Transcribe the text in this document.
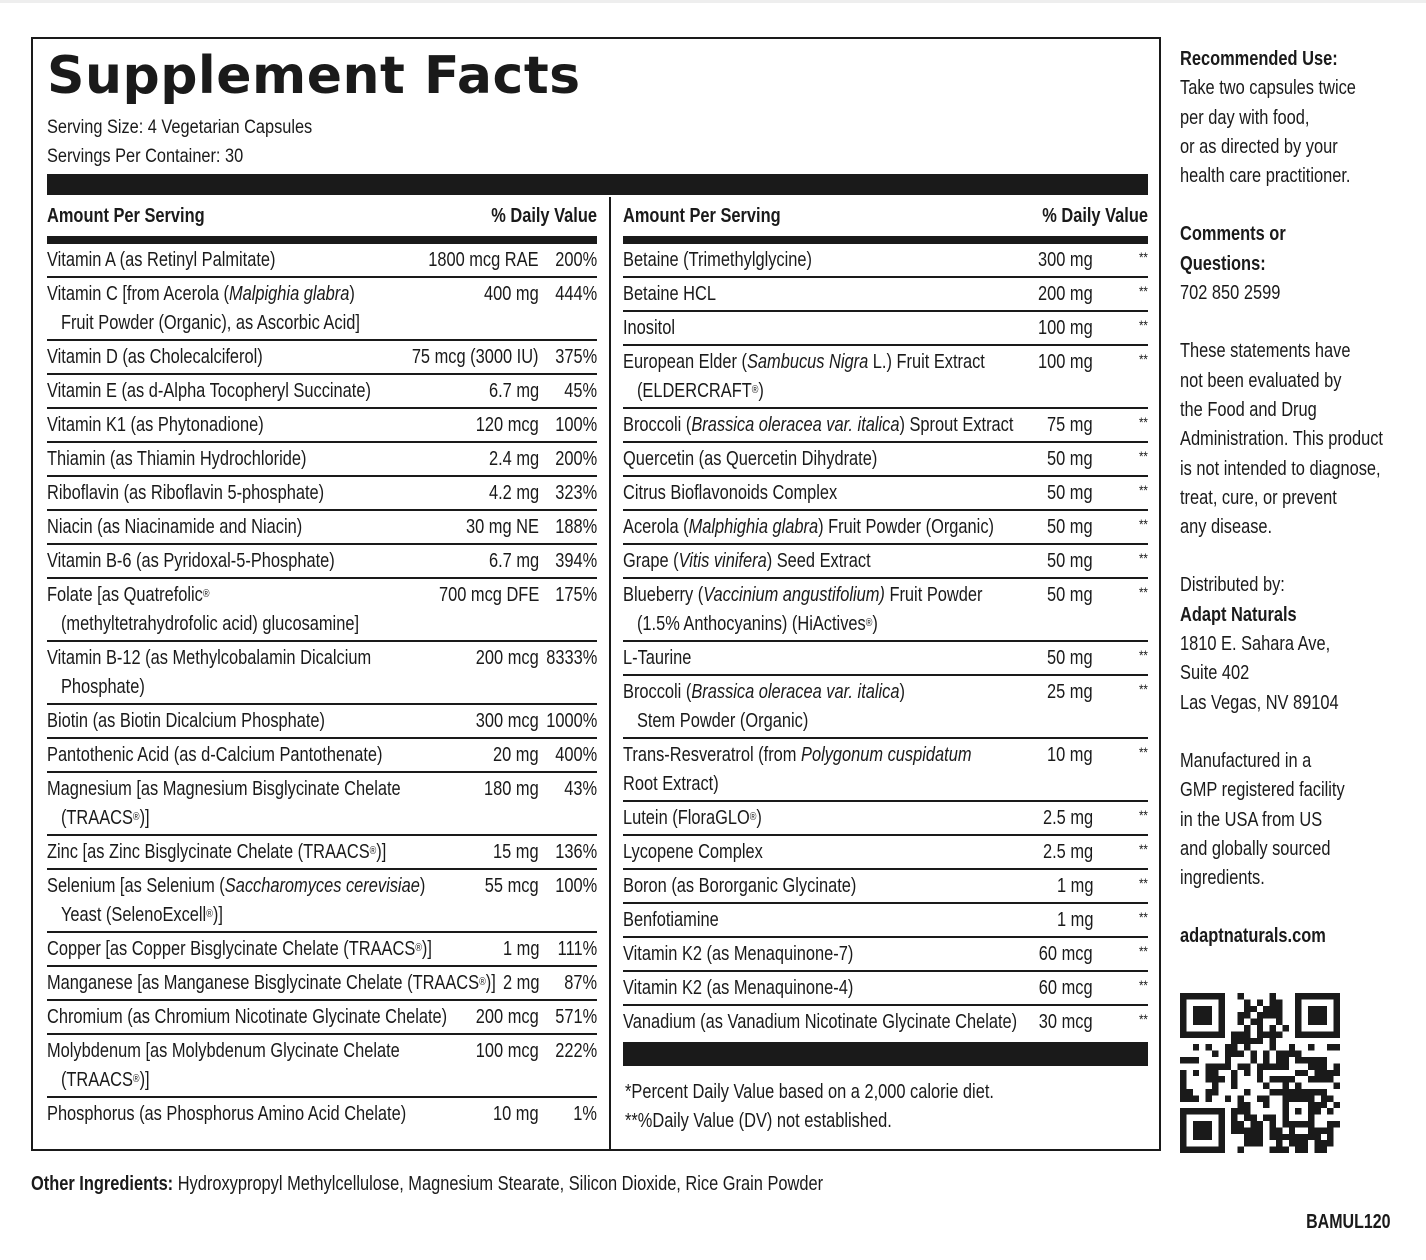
Supplement Facts
Serving Size: 4 Vegetarian Capsules
Servings Per Container: 30
Amount Per Serving	% Daily Value
Vitamin A (as Retinyl Palmitate)	1800 mcg RAE 200%
Vitamin C [from Acerola (Malpighia glabra)
Fruit Powder (Organic), as Ascorbic Acid]
400 mg 444%
Vitamin D (as Cholecalciferol)	75 mcg (3000 IU) 375%
Vitamin E (as d-Alpha Tocopheryl Succinate)	6.7 mg 45%
Vitamin K1 (as Phytonadione)	120 mcg 100%
Thiamin (as Thiamin Hydrochloride)	2.4 mg 200%
Riboflavin (as Riboflavin 5-phosphate)	4.2 mg 323%
Niacin (as Niacinamide and Niacin)	30 mg NE 188%
Vitamin B-6 (as Pyridoxal-5-Phosphate)	6.7 mg 394%
Folate [as Quatrefolic®
(methyltetrahydrofolic acid) glucosamine]
700 mcg DFE 175%
Vitamin B-12 (as Methylcobalamin Dicalcium
Phosphate)
200 mcg 8333%
Biotin (as Biotin Dicalcium Phosphate)	300 mcg 1000%
Pantothenic Acid (as d-Calcium Pantothenate)	20 mg 400%
Magnesium [as Magnesium Bisglycinate Chelate
(TRAACS®)]
180 mg 43%
Zinc [as Zinc Bisglycinate Chelate (TRAACS®)]	15 mg 136%
Selenium [as Selenium (Saccharomyces cerevisiae)
Yeast (SelenoExcell®)]
55 mcg 100%
Copper [as Copper Bisglycinate Chelate (TRAACS®)]	1 mg 111%
Manganese [as Manganese Bisglycinate Chelate (TRAACS®)] 2 mg 87%
Chromium (as Chromium Nicotinate Glycinate Chelate)	200 mcg 571%
Molybdenum [as Molybdenum Glycinate Chelate
(TRAACS®)]
100 mcg 222%
Phosphorus (as Phosphorus Amino Acid Chelate)	10 mg 1%
Amount Per Serving	% Daily Value
Betaine (Trimethylglycine)	300 mg	**
Betaine HCL	200 mg	**
Inositol	100 mg	**
European Elder (Sambucus Nigra L.) Fruit Extract
(ELDERCRAFT®)
100 mg	**
Broccoli (Brassica oleracea var. italica) Sprout Extract	75 mg	**
Quercetin (as Quercetin Dihydrate)	50 mg	**
Citrus Bioflavonoids Complex	50 mg	**
Acerola (Malphighia glabra) Fruit Powder (Organic)	50 mg	**
Grape (Vitis vinifera) Seed Extract	50 mg	**
Blueberry (Vaccinium angustifolium) Fruit Powder
(1.5% Anthocyanins) (HiActives®)
50 mg	**
L-Taurine	50 mg	**
Broccoli (Brassica oleracea var. italica)
Stem Powder (Organic)
25 mg	**
Trans-Resveratrol (from Polygonum cuspidatum
Root Extract)
10 mg	**
Lutein (FloraGLO®)	2.5 mg	**
Lycopene Complex	2.5 mg	**
Boron (as Bororganic Glycinate)	1 mg	**
Benfotiamine	1 mg	**
Vitamin K2 (as Menaquinone-7)	60 mcg	**
Vitamin K2 (as Menaquinone-4)	60 mcg	**
Vanadium (as Vanadium Nicotinate Glycinate Chelate)	30 mcg	**
*Percent Daily Value based on a 2,000 calorie diet.
**%Daily Value (DV) not established.
Recommended Use:
Take two capsules twice
per day with food,
or as directed by your
health care practitioner.
Comments or
Questions:
702 850 2599
These statements have
not been evaluated by
the Food and Drug
Administration. This product
is not intended to diagnose,
treat, cure, or prevent
any disease.
Distributed by:
Adapt Naturals
1810 E. Sahara Ave,
Suite 402
Las Vegas, NV 89104
Manufactured in a
GMP registered facility
in the USA from US
and globally sourced
ingredients.
adaptnaturals.com
Other Ingredients: Hydroxypropyl Methylcellulose, Magnesium Stearate, Silicon Dioxide, Rice Grain Powder
BAMUL120
